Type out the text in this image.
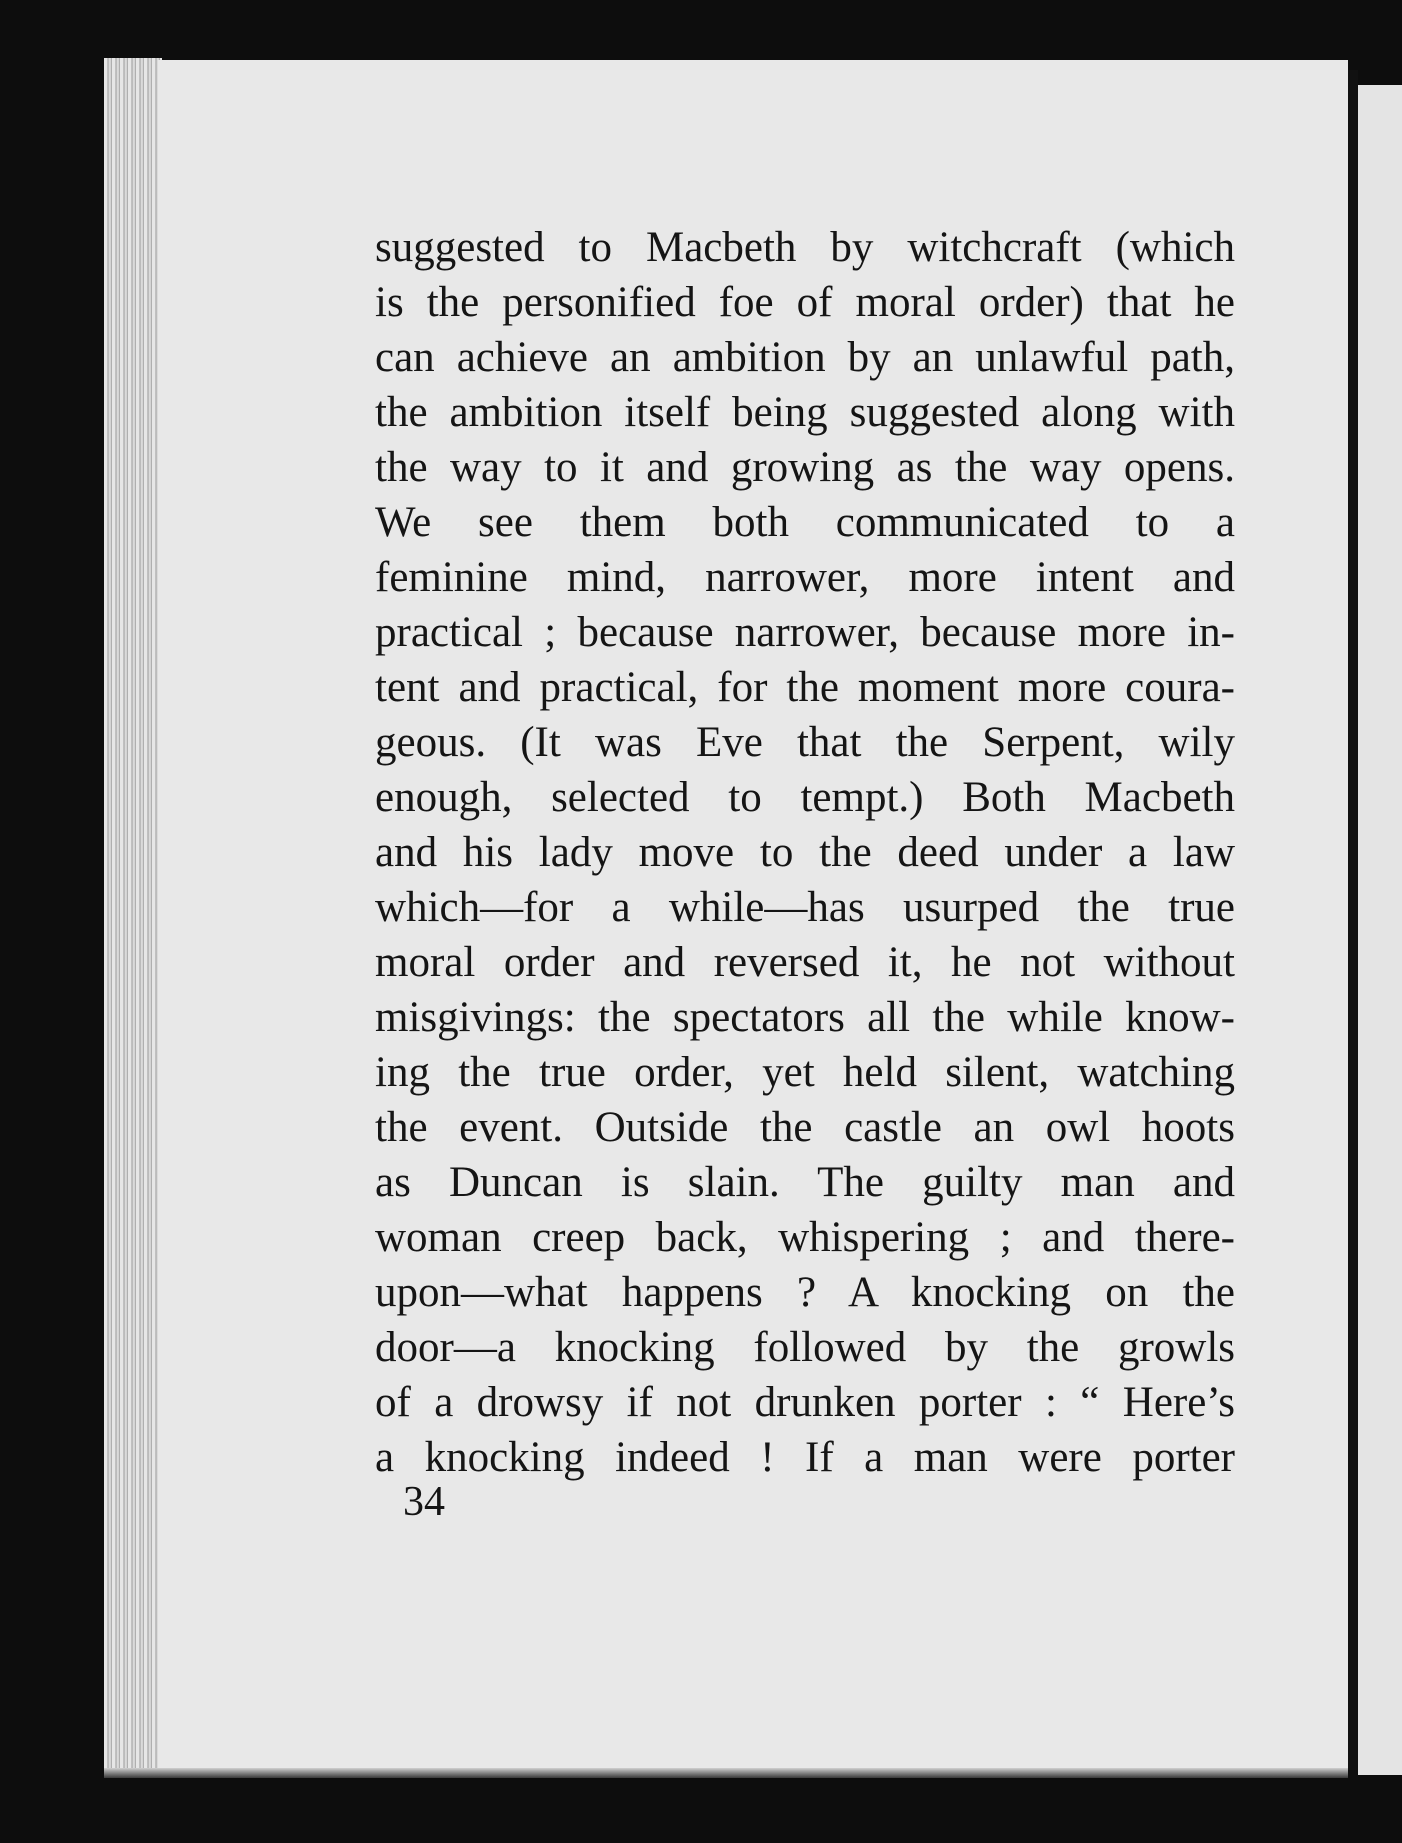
suggested to Macbeth by witchcraft (which
is the personified foe of moral order) that he
can achieve an ambition by an unlawful path,
the ambition itself being suggested along with
the way to it and growing as the way opens.
We see them both communicated to a
feminine mind, narrower, more intent and
practical ; because narrower, because more in-
tent and practical, for the moment more coura-
geous. (It was Eve that the Serpent, wily
enough, selected to tempt.) Both Macbeth
and his lady move to the deed under a law
which—for a while—has usurped the true
moral order and reversed it, he not without
misgivings: the spectators all the while know-
ing the true order, yet held silent, watching
the event. Outside the castle an owl hoots
as Duncan is slain. The guilty man and
woman creep back, whispering ; and there-
upon—what happens ? A knocking on the
door—a knocking followed by the growls
of a drowsy if not drunken porter : “ Here’s
a knocking indeed ! If a man were porter
34
